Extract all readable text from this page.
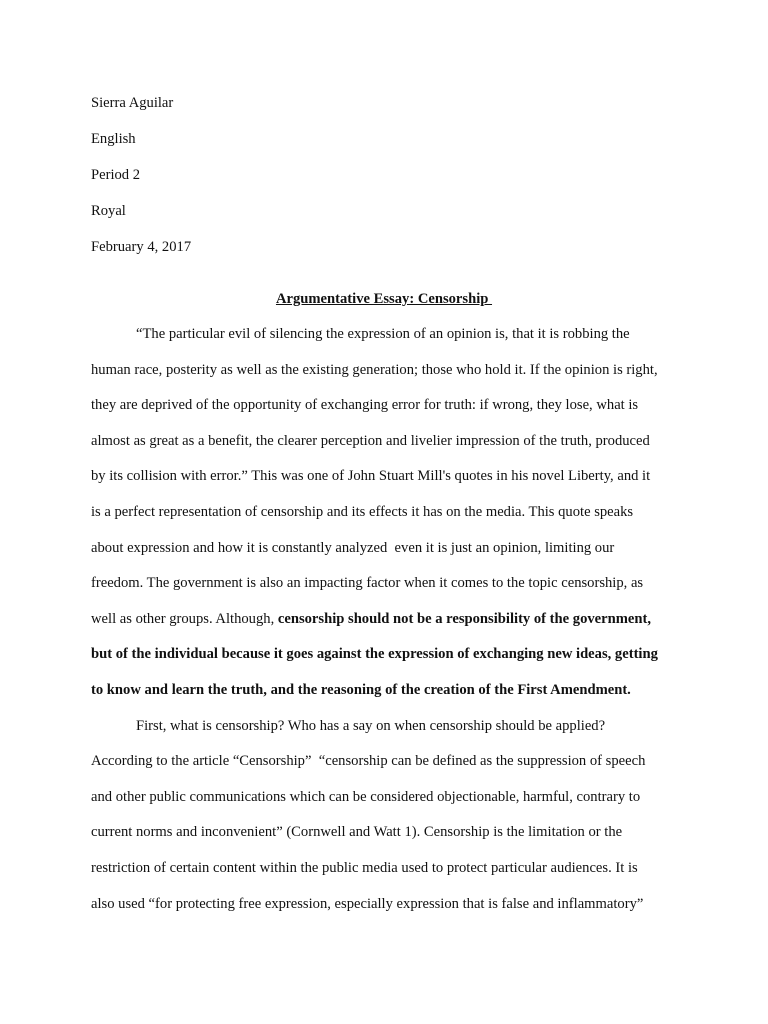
Sierra Aguilar
English
Period 2
Royal
February 4, 2017
Argumentative Essay: Censorship
“The particular evil of silencing the expression of an opinion is, that it is robbing the
human race, posterity as well as the existing generation; those who hold it. If the opinion is right,
they are deprived of the opportunity of exchanging error for truth: if wrong, they lose, what is
almost as great as a benefit, the clearer perception and livelier impression of the truth, produced
by its collision with error.” This was one of John Stuart Mill's quotes in his novel Liberty, and it
is a perfect representation of censorship and its effects it has on the media. This quote speaks
about expression and how it is constantly analyzed  even it is just an opinion, limiting our
freedom. The government is also an impacting factor when it comes to the topic censorship, as
well as other groups. Although, censorship should not be a responsibility of the government,
but of the individual because it goes against the expression of exchanging new ideas, getting
to know and learn the truth, and the reasoning of the creation of the First Amendment.
First, what is censorship? Who has a say on when censorship should be applied?
According to the article “Censorship”  “censorship can be defined as the suppression of speech
and other public communications which can be considered objectionable, harmful, contrary to
current norms and inconvenient” (Cornwell and Watt 1). Censorship is the limitation or the
restriction of certain content within the public media used to protect particular audiences. It is
also used “for protecting free expression, especially expression that is false and inflammatory”
